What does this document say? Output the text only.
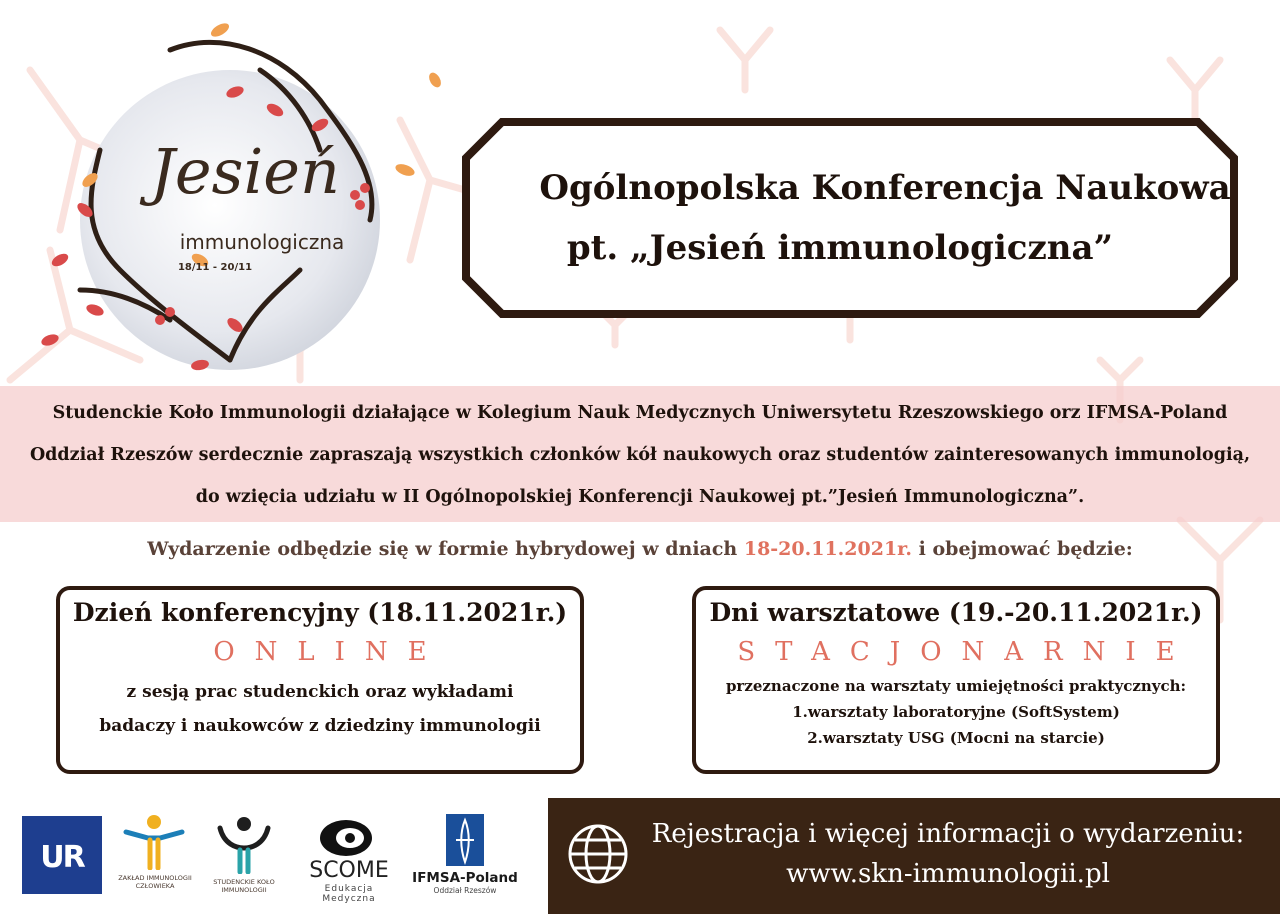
Jesień
immunologiczna
18/11 - 20/11
Ogólnopolska Konferencja Naukowa
pt. „Jesień immunologiczna”
Studenckie Koło Immunologii działające w Kolegium Nauk Medycznych Uniwersytetu Rzeszowskiego orz IFMSA-Poland
Oddział Rzeszów serdecznie zapraszają wszystkich członków kół naukowych oraz studentów zainteresowanych immunologią,
do wzięcia udziału w II Ogólnopolskiej Konferencji Naukowej pt.”Jesień Immunologiczna”.
Wydarzenie odbędzie się w formie hybrydowej w dniach 18-20.11.2021r. i obejmować będzie:
Dzień konferencyjny (18.11.2021r.)
ONLINE
z sesją prac studenckich oraz wykładami
badaczy i naukowców z dziedziny immunologii
Dni warsztatowe (19.-20.11.2021r.)
STACJONARNIE
przeznaczone na warsztaty umiejętności praktycznych:
1.warsztaty laboratoryjne (SoftSystem)
2.warsztaty USG (Mocni na starcie)
UR
ZAKŁAD IMMUNOLOGII CZŁOWIEKA	STUDENCKIE KOŁO IMMUNOLOGII
SCOME
Edukacja Medyczna
IFMSA-Poland
Oddział Rzeszów
Rejestracja i więcej informacji o wydarzeniu:
www.skn-immunologii.pl
